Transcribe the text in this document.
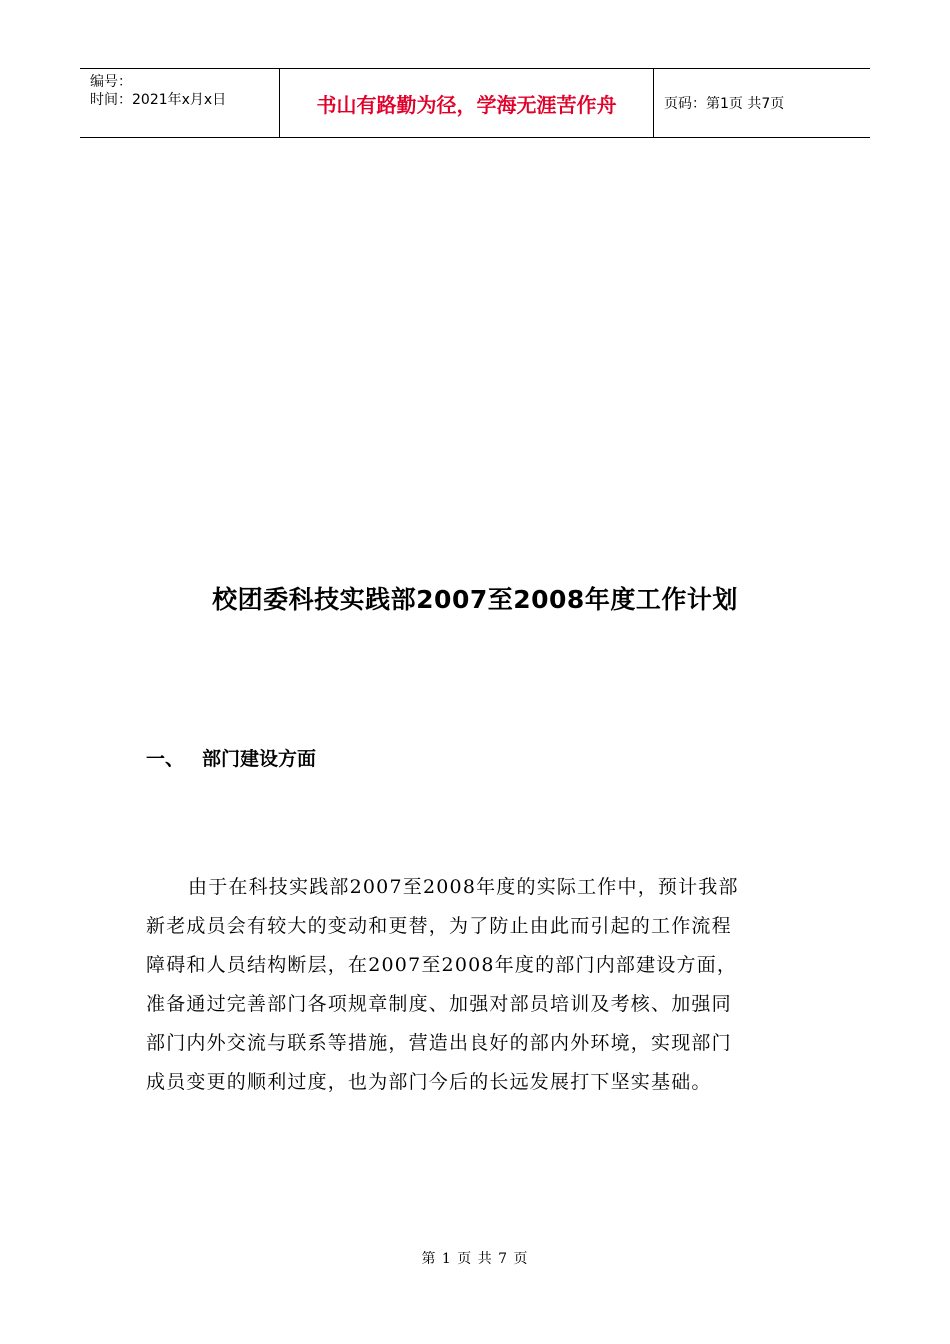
编号：
时间：2021年x月x日	书山有路勤为径，学海无涯苦作舟	页码：第1页 共7页
校团委科技实践部2007至2008年度工作计划
一、 部门建设方面
由于在科技实践部2007至2008年度的实际工作中，预计我部
新老成员会有较大的变动和更替，为了防止由此而引起的工作流程
障碍和人员结构断层，在2007至2008年度的部门内部建设方面，
准备通过完善部门各项规章制度、加强对部员培训及考核、加强同
部门内外交流与联系等措施，营造出良好的部内外环境，实现部门
成员变更的顺利过度，也为部门今后的长远发展打下坚实基础。
第 1 页 共 7 页
